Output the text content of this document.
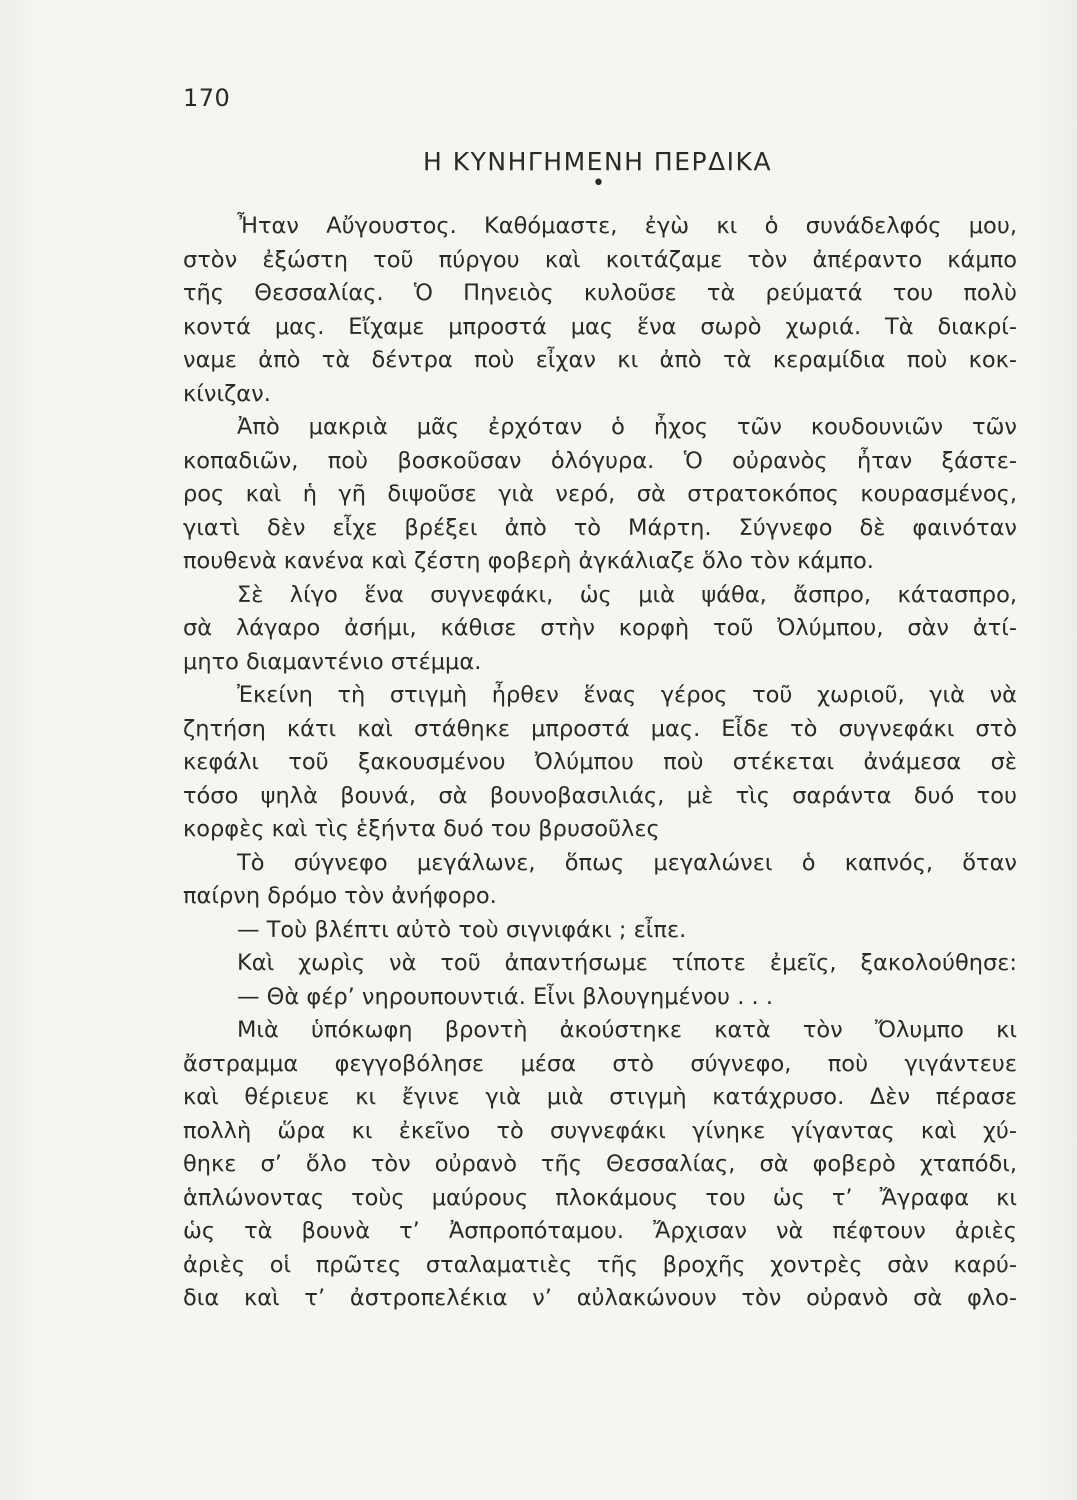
170
Η ΚΥΝΗΓΗΜΕΝΗ ΠΕΡΔΙΚΑ
•
Ἦταν Αὔγουστος. Καθόμαστε, ἐγὼ κι ὁ συνάδελφός μου,
στὸν ἐξώστη τοῦ πύργου καὶ κοιτάζαμε τὸν ἀπέραντο κάμπο
τῆς Θεσσαλίας. Ὁ Πηνειὸς κυλοῦσε τὰ ρεύματά του πολὺ
κοντά μας. Εἴχαμε μπροστά μας ἕνα σωρὸ χωριά. Τὰ διακρί-
ναμε ἀπὸ τὰ δέντρα ποὺ εἶχαν κι ἀπὸ τὰ κεραμίδια ποὺ κοκ-
κίνιζαν.
Ἀπὸ μακριὰ μᾶς ἐρχόταν ὁ ἦχος τῶν κουδουνιῶν τῶν
κοπαδιῶν, ποὺ βοσκοῦσαν ὁλόγυρα. Ὁ οὐρανὸς ἦταν ξάστε-
ρος καὶ ἡ γῆ διψοῦσε γιὰ νερό, σὰ στρατοκόπος κουρασμένος,
γιατὶ δὲν εἶχε βρέξει ἀπὸ τὸ Μάρτη. Σύγνεφο δὲ φαινόταν
πουθενὰ κανένα καὶ ζέστη φοβερὴ ἀγκάλιαζε ὅλο τὸν κάμπο.
Σὲ λίγο ἕνα συγνεφάκι, ὡς μιὰ ψάθα, ἄσπρο, κάτασπρο,
σὰ λάγαρο ἀσήμι, κάθισε στὴν κορφὴ τοῦ Ὀλύμπου, σὰν ἀτί-
μητο διαμαντένιο στέμμα.
Ἐκείνη τὴ στιγμὴ ἦρθεν ἕνας γέρος τοῦ χωριοῦ, γιὰ νὰ
ζητήση κάτι καὶ στάθηκε μπροστά μας. Εἶδε τὸ συγνεφάκι στὸ
κεφάλι τοῦ ξακουσμένου Ὀλύμπου ποὺ στέκεται ἀνάμεσα σὲ
τόσο ψηλὰ βουνά, σὰ βουνοβασιλιάς, μὲ τὶς σαράντα δυό του
κορφὲς καὶ τὶς ἑξήντα δυό του βρυσοῦλες
Τὸ σύγνεφο μεγάλωνε, ὅπως μεγαλώνει ὁ καπνός, ὅταν
παίρνη δρόμο τὸν ἀνήφορο.
— Τοὺ βλέπτι αὐτὸ τοὺ σιγνιφάκι ; εἶπε.
Καὶ χωρὶς νὰ τοῦ ἀπαντήσωμε τίποτε ἐμεῖς, ξακολούθησε:
— Θὰ φέρ’ νηρουπουντιά. Εἶνι βλουγημένου . . .
Μιὰ ὑπόκωφη βροντὴ ἀκούστηκε κατὰ τὸν Ὄλυμπο κι
ἄστραμμα φεγγοβόλησε μέσα στὸ σύγνεφο, ποὺ γιγάντευε
καὶ θέριευε κι ἔγινε γιὰ μιὰ στιγμὴ κατάχρυσο. Δὲν πέρασε
πολλὴ ὥρα κι ἐκεῖνο τὸ συγνεφάκι γίνηκε γίγαντας καὶ χύ-
θηκε σ’ ὅλο τὸν οὐρανὸ τῆς Θεσσαλίας, σὰ φοβερὸ χταπόδι,
ἁπλώνοντας τοὺς μαύρους πλοκάμους του ὡς τ’ Ἄγραφα κι
ὡς τὰ βουνὰ τ’ Ἀσπροπόταμου. Ἄρχισαν νὰ πέφτουν ἀριὲς
ἀριὲς οἱ πρῶτες σταλαματιὲς τῆς βροχῆς χοντρὲς σὰν καρύ-
δια καὶ τ’ ἀστροπελέκια ν’ αὐλακώνουν τὸν οὐρανὸ σὰ φλο-
